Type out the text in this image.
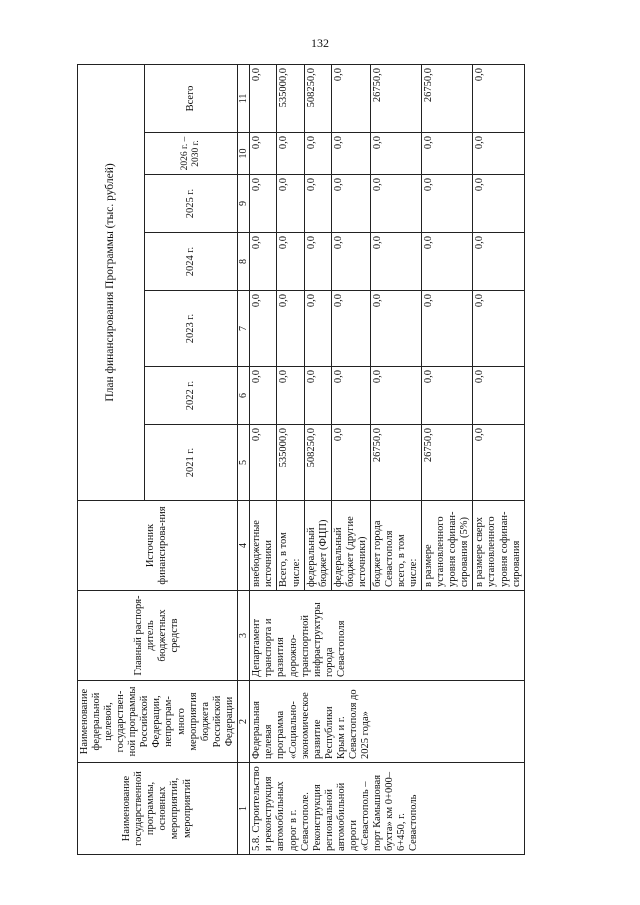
132
Наименование государственной программы, основных мероприятий, мероприятий	Наименование федеральной целевой, государствен-ной программы Российской Федерации, непрограм-много мероприятия бюджета Российской Федерации	Главный распоря-дитель бюджетных средств	Источник финансирова-ния	План финансирования Программы (тыс. рублей)						
				2021 г.	2022 г.	2023 г.	2024 г.	2025 г.	2026 г. – 2030 г.	Всего
1	2	3	4	5	6	7	8	9	10	11
5.8. Строительство и реконструкция автомобильных дорог в г. Севастополе. Реконструкция региональной автомобильной дороги «Севастополь – порт Камышовая бухта» км 0+000–6+450, г. Севастополь	Федеральная целевая программа «Социально-экономическое развитие Республики Крым и г. Севастополя до 2025 года»	Департамент транспорта и развития дорожно-транспортной инфраструктуры города Севастополя	внебюджетные источники	0,0	0,0	0,0	0,0	0,0	0,0	0,0
			Всего, в том числе:	535000,0	0,0	0,0	0,0	0,0	0,0	535000,0
			федеральный бюджет (ФЦП)	508250,0	0,0	0,0	0,0	0,0	0,0	508250,0
			федеральный бюджет (другие источники)	0,0	0,0	0,0	0,0	0,0	0,0	0,0
			бюджет города Севастополя всего, в том числе:	26750,0	0,0	0,0	0,0	0,0	0,0	26750,0
			в размере установленного уровня софинан-сирования (5%)	26750,0	0,0	0,0	0,0	0,0	0,0	26750,0
			в размере сверх установленного уровня софинан-сирования	0,0	0,0	0,0	0,0	0,0	0,0	0,0
